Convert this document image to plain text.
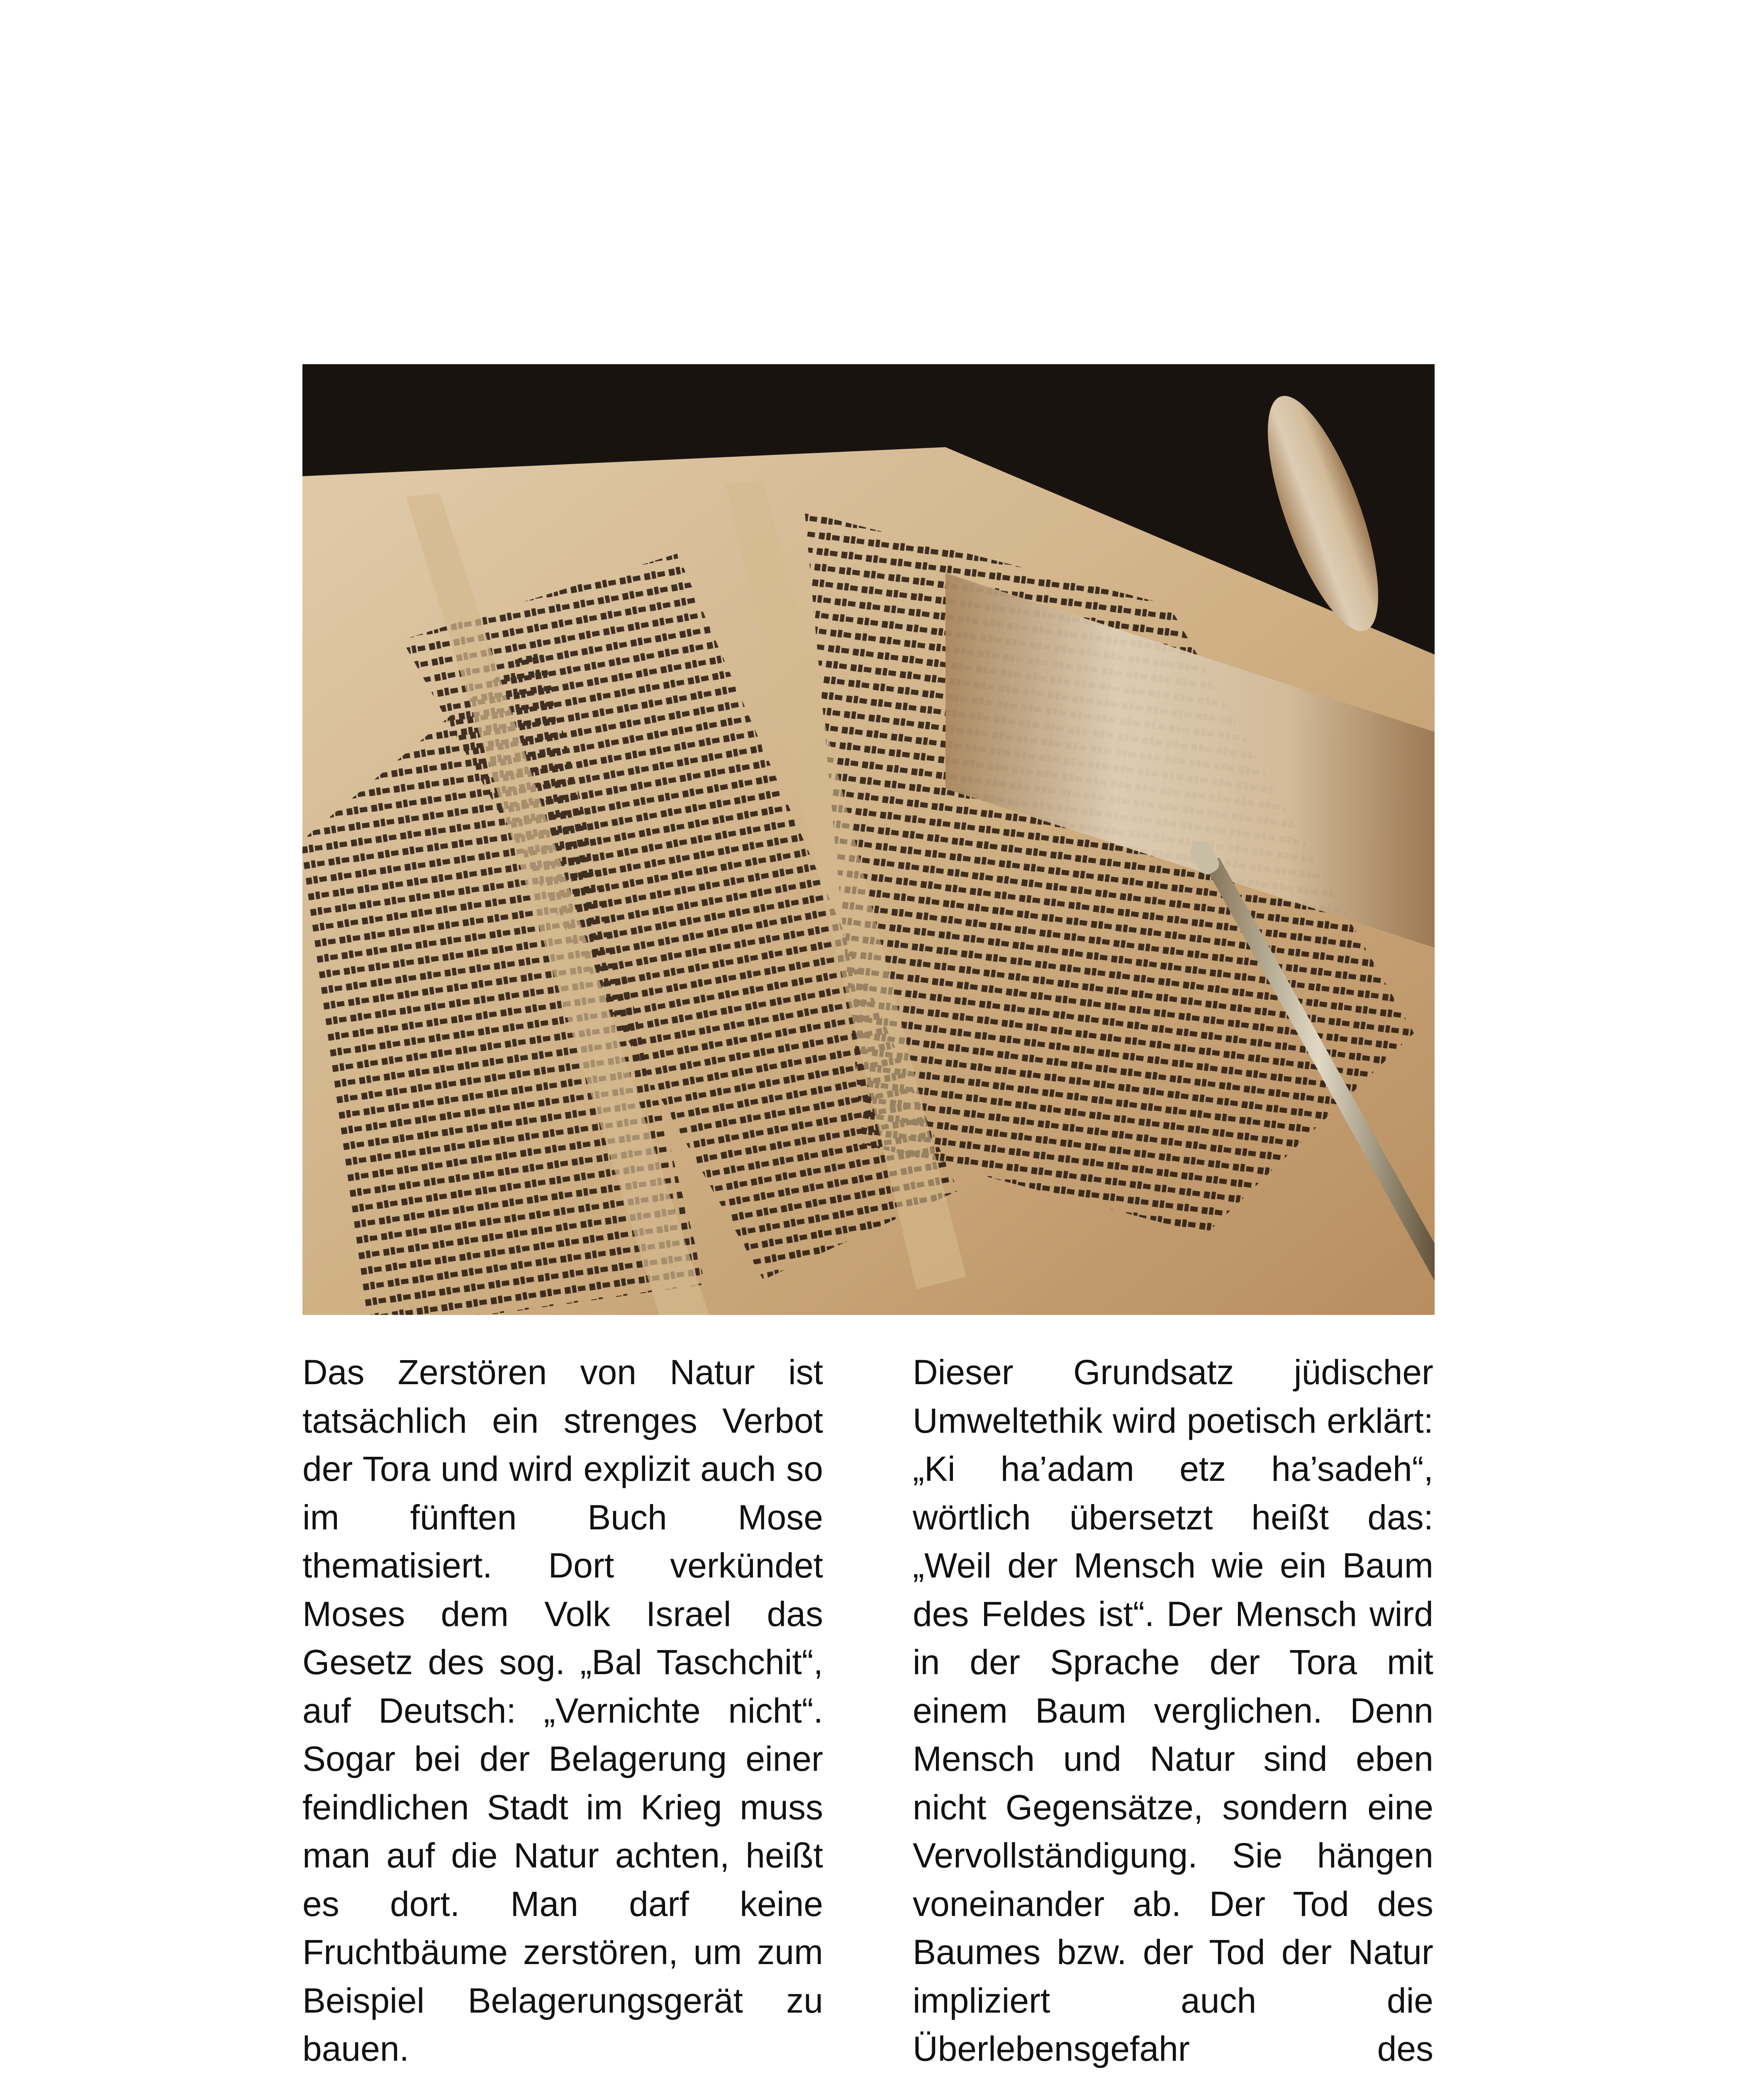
Das Zerstören von Natur ist tatsächlich ein strenges Verbot der Tora und wird explizit auch so im fünften Buch Mose thematisiert. Dort verkündet Moses dem Volk Israel das Gesetz des sog. „Bal Taschchit“, auf Deutsch: „Vernichte nicht“. Sogar bei der Belagerung einer feindlichen Stadt im Krieg muss man auf die Natur achten, heißt es dort. Man darf keine Fruchtbäume zerstören, um zum Beispiel Belagerungsgerät zu bauen.

Dieser Grundsatz jüdischer Umweltethik wird poetisch erklärt: „Ki ha’adam etz ha’sadeh“, wörtlich übersetzt heißt das: „Weil der Mensch wie ein Baum des Feldes ist“. Der Mensch wird in der Sprache der Tora mit einem Baum verglichen. Denn Mensch und Natur sind eben nicht Gegensätze, sondern eine Vervollständigung. Sie hängen voneinander ab. Der Tod des Baumes bzw. der Tod der Natur impliziert auch die Überlebensgefahr des
